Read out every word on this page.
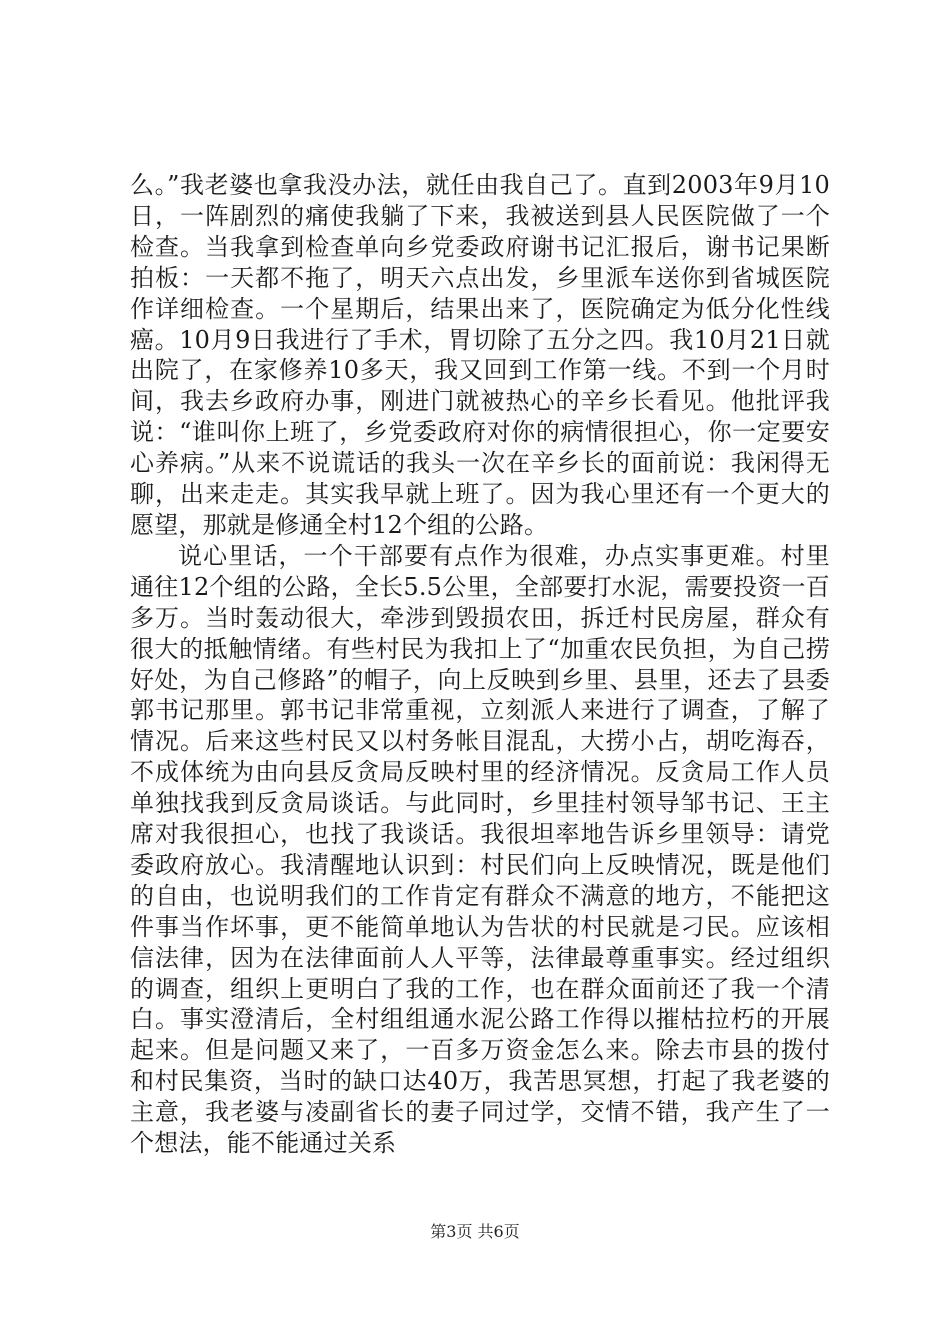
么。”我老婆也拿我没办法，就任由我自己了。直到2003年9月10日，一阵剧烈的痛使我躺了下来，我被送到县人民医院做了一个检查。当我拿到检查单向乡党委政府谢书记汇报后，谢书记果断拍板：一天都不拖了，明天六点出发，乡里派车送你到省城医院作详细检查。一个星期后，结果出来了，医院确定为低分化性线癌。10月9日我进行了手术，胃切除了五分之四。我10月21日就出院了，在家修养10多天，我又回到工作第一线。不到一个月时间，我去乡政府办事，刚进门就被热心的辛乡长看见。他批评我说：“谁叫你上班了，乡党委政府对你的病情很担心，你一定要安心养病。”从来不说谎话的我头一次在辛乡长的面前说：我闲得无聊，出来走走。其实我早就上班了。因为我心里还有一个更大的愿望，那就是修通全村12个组的公路。

说心里话，一个干部要有点作为很难，办点实事更难。村里通往12个组的公路，全长5.5公里，全部要打水泥，需要投资一百多万。当时轰动很大，牵涉到毁损农田，拆迁村民房屋，群众有很大的抵触情绪。有些村民为我扣上了“加重农民负担，为自己捞好处，为自己修路”的帽子，向上反映到乡里、县里，还去了县委郭书记那里。郭书记非常重视，立刻派人来进行了调查，了解了情况。后来这些村民又以村务帐目混乱，大捞小占，胡吃海吞，不成体统为由向县反贪局反映村里的经济情况。反贪局工作人员单独找我到反贪局谈话。与此同时，乡里挂村领导邹书记、王主席对我很担心，也找了我谈话。我很坦率地告诉乡里领导：请党委政府放心。我清醒地认识到：村民们向上反映情况，既是他们的自由，也说明我们的工作肯定有群众不满意的地方，不能把这件事当作坏事，更不能简单地认为告状的村民就是刁民。应该相信法律，因为在法律面前人人平等，法律最尊重事实。经过组织的调查，组织上更明白了我的工作，也在群众面前还了我一个清白。事实澄清后，全村组组通水泥公路工作得以摧枯拉朽的开展起来。但是问题又来了，一百多万资金怎么来。除去市县的拨付和村民集资，当时的缺口达40万，我苦思冥想，打起了我老婆的主意，我老婆与凌副省长的妻子同过学，交情不错，我产生了一个想法，能不能通过关系

第3页 共6页
